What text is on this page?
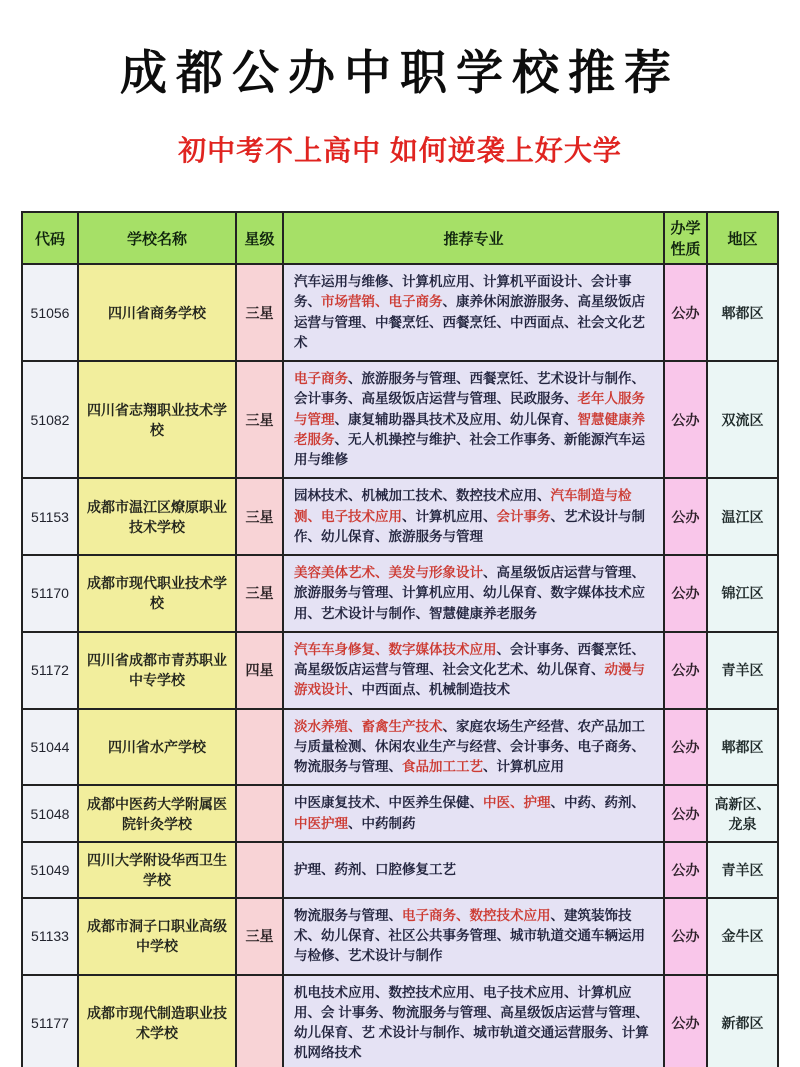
成都公办中职学校推荐
初中考不上高中 如何逆袭上好大学
代码	学校名称	星级	推荐专业	办学性质	地区
51056	四川省商务学校	三星	汽车运用与维修、计算机应用、计算机平面设计、会计事务、市场营销、电子商务、康养休闲旅游服务、高星级饭店运营与管理、中餐烹饪、西餐烹饪、中西面点、社会文化艺术	公办	郫都区
51082	四川省志翔职业技术学校	三星	电子商务、旅游服务与管理、西餐烹饪、艺术设计与制作、会计事务、高星级饭店运营与管理、民政服务、老年人服务与管理、康复辅助器具技术及应用、幼儿保育、智慧健康养老服务、无人机操控与维护、社会工作事务、新能源汽车运用与维修	公办	双流区
51153	成都市温江区燎原职业技术学校	三星	园林技术、机械加工技术、数控技术应用、汽车制造与检测、电子技术应用、计算机应用、会计事务、艺术设计与制作、幼儿保育、旅游服务与管理	公办	温江区
51170	成都市现代职业技术学校	三星	美容美体艺术、美发与形象设计、高星级饭店运营与管理、旅游服务与管理、计算机应用、幼儿保育、数字媒体技术应用、艺术设计与制作、智慧健康养老服务	公办	锦江区
51172	四川省成都市青苏职业中专学校	四星	汽车车身修复、数字媒体技术应用、会计事务、西餐烹饪、高星级饭店运营与管理、社会文化艺术、幼儿保育、动漫与游戏设计、中西面点、机械制造技术	公办	青羊区
51044	四川省水产学校		淡水养殖、畜禽生产技术、家庭农场生产经营、农产品加工与质量检测、休闲农业生产与经营、会计事务、电子商务、物流服务与管理、食品加工工艺、计算机应用	公办	郫都区
51048	成都中医药大学附属医院针灸学校		中医康复技术、中医养生保健、中医、护理、中药、药剂、中医护理、中药制药	公办	高新区、龙泉
51049	四川大学附设华西卫生学校		护理、药剂、口腔修复工艺	公办	青羊区
51133	成都市洞子口职业高级中学校	三星	物流服务与管理、电子商务、数控技术应用、建筑装饰技术、幼儿保育、社区公共事务管理、城市轨道交通车辆运用与检修、艺术设计与制作	公办	金牛区
51177	成都市现代制造职业技术学校		机电技术应用、数控技术应用、电子技术应用、计算机应用、会 计事务、物流服务与管理、高星级饭店运营与管理、幼儿保育、艺 术设计与制作、城市轨道交通运营服务、计算机网络技术	公办	新都区
